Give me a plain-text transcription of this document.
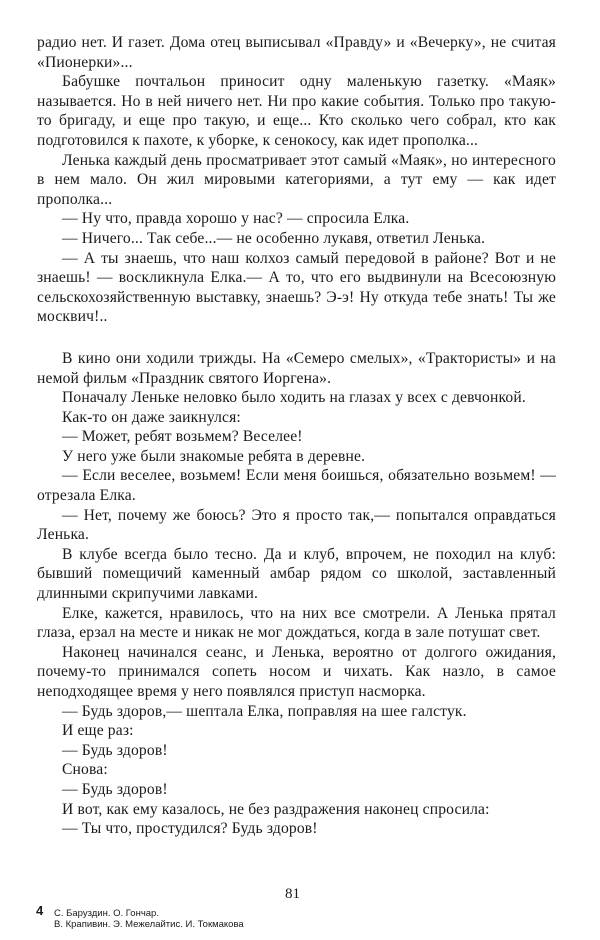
радио нет. И газет. Дома отец выписывал «Правду» и «Вечерку», не считая «Пионерки»...

Бабушке почтальон приносит одну маленькую газетку. «Маяк» называется. Но в ней ничего нет. Ни про какие события. Только про такую-то бригаду, и еще про такую, и еще... Кто сколько чего собрал, кто как подготовился к пахоте, к уборке, к сенокосу, как идет прополка...

Ленька каждый день просматривает этот самый «Маяк», но интересного в нем мало. Он жил мировыми категориями, а тут ему — как идет прополка...

— Ну что, правда хорошо у нас? — спросила Елка.

— Ничего... Так себе...— не особенно лукавя, ответил Ленька.

— А ты знаешь, что наш колхоз самый передовой в районе? Вот и не знаешь! — воскликнула Елка.— А то, что его выдвинули на Всесоюзную сельскохозяйственную выставку, знаешь? Э-э! Ну откуда тебе знать! Ты же москвич!..

В кино они ходили трижды. На «Семеро смелых», «Трактористы» и на немой фильм «Праздник святого Иоргена».

Поначалу Леньке неловко было ходить на глазах у всех с девчонкой.

Как-то он даже заикнулся:

— Может, ребят возьмем? Веселее!

У него уже были знакомые ребята в деревне.

— Если веселее, возьмем! Если меня боишься, обязательно возьмем! — отрезала Елка.

— Нет, почему же боюсь? Это я просто так,— попытался оправдаться Ленька.

В клубе всегда было тесно. Да и клуб, впрочем, не походил на клуб: бывший помещичий каменный амбар рядом со школой, заставленный длинными скрипучими лавками.

Елке, кажется, нравилось, что на них все смотрели. А Ленька прятал глаза, ерзал на месте и никак не мог дождаться, когда в зале потушат свет.

Наконец начинался сеанс, и Ленька, вероятно от долгого ожидания, почему-то принимался сопеть носом и чихать. Как назло, в самое неподходящее время у него появлялся приступ насморка.

— Будь здоров,— шептала Елка, поправляя на шее галстук.

И еще раз:

— Будь здоров!

Снова:

— Будь здоров!

И вот, как ему казалось, не без раздражения наконец спросила:

— Ты что, простудился? Будь здоров!

81
4 С. Баруздин. О. Гончар.
В. Крапивин. Э. Межелайтис. И. Токмакова
